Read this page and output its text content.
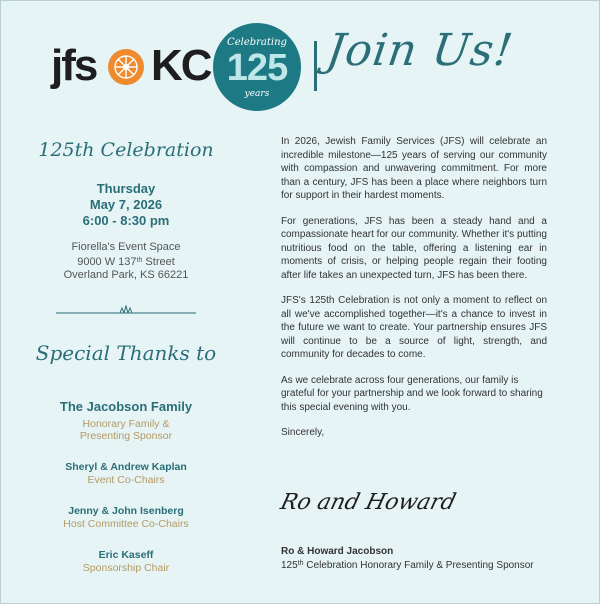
jfs KC	Celebrating
125
years
Join Us!
125th Celebration
Thursday
May 7, 2026
6:00 - 8:30 pm
Fiorella's Event Space
9000 W 137th Street
Overland Park, KS 66221
Special Thanks to
The Jacobson Family
Honorary Family &
Presenting Sponsor
Sheryl & Andrew Kaplan
Event Co-Chairs
Jenny & John Isenberg
Host Committee Co-Chairs
Eric Kaseff
Sponsorship Chair

In 2026, Jewish Family Services (JFS) will celebrate an incredible milestone—125 years of serving our community with compassion and unwavering commitment. For more than a century, JFS has been a place where neighbors turn for support in their hardest moments.

For generations, JFS has been a steady hand and a compassionate heart for our community. Whether it's putting nutritious food on the table, offering a listening ear in moments of crisis, or helping people regain their footing after life takes an unexpected turn, JFS has been there.

JFS's 125th Celebration is not only a moment to reflect on all we've accomplished together—it's a chance to invest in the future we want to create. Your partnership ensures JFS will continue to be a source of light, strength, and community for decades to come.

As we celebrate across four generations, our family is grateful for your partnership and we look forward to sharing this special evening with you.

Sincerely,

Ro and Howard
Ro & Howard Jacobson
125th Celebration Honorary Family & Presenting Sponsor
